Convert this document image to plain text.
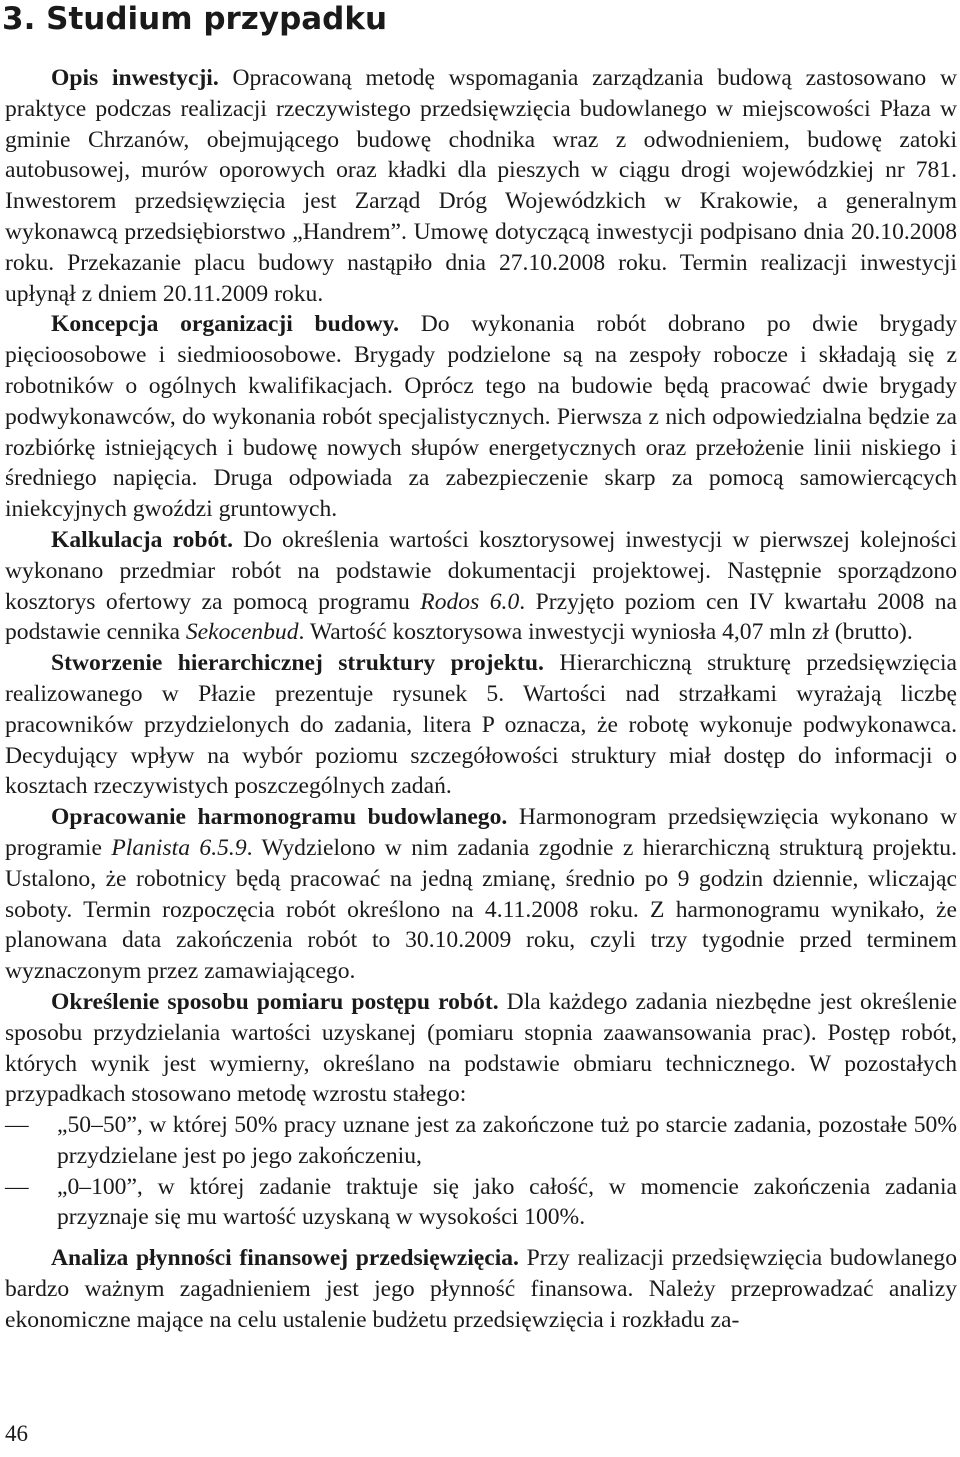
3. Studium przypadku

Opis inwestycji. Opracowaną metodę wspomagania zarządzania budową zastosowano w praktyce podczas realizacji rzeczywistego przedsięwzięcia budowlanego w miejscowości Płaza w gminie Chrzanów, obejmującego budowę chodnika wraz z odwodnieniem, budowę zatoki autobusowej, murów oporowych oraz kładki dla pieszych w ciągu drogi wojewódzkiej nr 781. Inwestorem przedsięwzięcia jest Zarząd Dróg Wojewódzkich w Krakowie, a generalnym wykonawcą przedsiębiorstwo „Handrem”. Umowę dotyczącą inwestycji podpisano dnia 20.10.2008 roku. Przekazanie placu budowy nastąpiło dnia 27.10.2008 roku. Termin realizacji inwestycji upłynął z dniem 20.11.2009 roku.

Koncepcja organizacji budowy. Do wykonania robót dobrano po dwie brygady pięcioosobowe i siedmioosobowe. Brygady podzielone są na zespoły robocze i składają się z robotników o ogólnych kwalifikacjach. Oprócz tego na budowie będą pracować dwie brygady podwykonawców, do wykonania robót specjalistycznych. Pierwsza z nich odpowiedzialna będzie za rozbiórkę istniejących i budowę nowych słupów energetycznych oraz przełożenie linii niskiego i średniego napięcia. Druga odpowiada za zabezpieczenie skarp za pomocą samowiercących iniekcyjnych gwoździ gruntowych.

Kalkulacja robót. Do określenia wartości kosztorysowej inwestycji w pierwszej kolejności wykonano przedmiar robót na podstawie dokumentacji projektowej. Następnie sporządzono kosztorys ofertowy za pomocą programu Rodos 6.0. Przyjęto poziom cen IV kwartału 2008 na podstawie cennika Sekocenbud. Wartość kosztorysowa inwestycji wyniosła 4,07 mln zł (brutto).

Stworzenie hierarchicznej struktury projektu. Hierarchiczną strukturę przedsięwzięcia realizowanego w Płazie prezentuje rysunek 5. Wartości nad strzałkami wyrażają liczbę pracowników przydzielonych do zadania, litera P oznacza, że robotę wykonuje podwykonawca. Decydujący wpływ na wybór poziomu szczegółowości struktury miał dostęp do informacji o kosztach rzeczywistych poszczególnych zadań.

Opracowanie harmonogramu budowlanego. Harmonogram przedsięwzięcia wykonano w programie Planista 6.5.9. Wydzielono w nim zadania zgodnie z hierarchiczną strukturą projektu. Ustalono, że robotnicy będą pracować na jedną zmianę, średnio po 9 godzin dziennie, wliczając soboty. Termin rozpoczęcia robót określono na 4.11.2008 roku. Z harmonogramu wynikało, że planowana data zakończenia robót to 30.10.2009 roku, czyli trzy tygodnie przed terminem wyznaczonym przez zamawiającego.

Określenie sposobu pomiaru postępu robót. Dla każdego zadania niezbędne jest określenie sposobu przydzielania wartości uzyskanej (pomiaru stopnia zaawansowania prac). Postęp robót, których wynik jest wymierny, określano na podstawie obmiaru technicznego. W pozostałych przypadkach stosowano metodę wzrostu stałego:

— „50–50”, w której 50% pracy uznane jest za zakończone tuż po starcie zadania, pozostałe 50% przydzielane jest po jego zakończeniu,
— „0–100”, w której zadanie traktuje się jako całość, w momencie zakończenia zadania przyznaje się mu wartość uzyskaną w wysokości 100%.

Analiza płynności finansowej przedsięwzięcia. Przy realizacji przedsięwzięcia budowlanego bardzo ważnym zagadnieniem jest jego płynność finansowa. Należy przeprowadzać analizy ekonomiczne mające na celu ustalenie budżetu przedsięwzięcia i rozkładu za-

46
